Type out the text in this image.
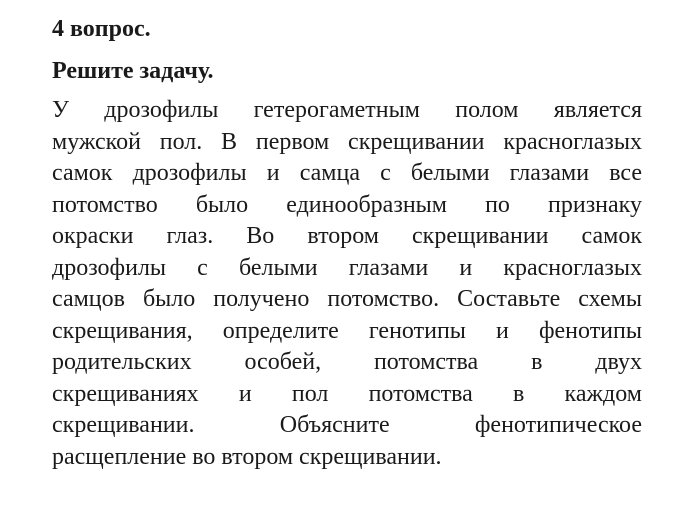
4 вопрос.

Решите задачу.

У дрозофилы гетерогаметным полом является
мужской пол. В первом скрещивании красноглазых
самок дрозофилы и самца с белыми глазами все
потомство было единообразным по признаку
окраски глаз. Во втором скрещивании самок
дрозофилы с белыми глазами и красноглазых
самцов было получено потомство. Составьте схемы
скрещивания, определите генотипы и фенотипы
родительских особей, потомства в двух
скрещиваниях и пол потомства в каждом
скрещивании. Объясните фенотипическое
расщепление во втором скрещивании.
